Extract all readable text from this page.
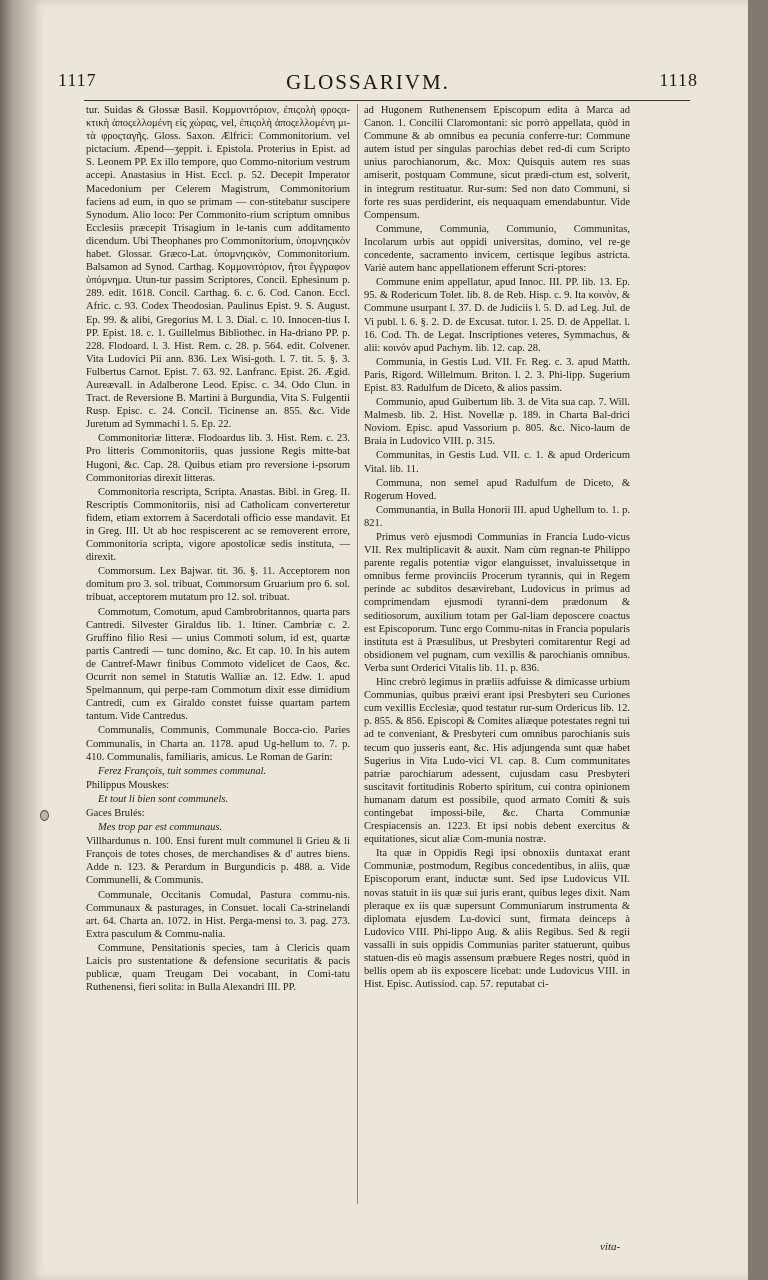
1117	GLOSSARIVM.	1118

tur. Suidas & Glossæ Basil. Κομμονιτόριον, ἐπιςολὴ φροςα-κτικὴ ἀποςελλομένη εἰς χώρας, vel, ἐπιςολὴ ἀποςελλομένη μι-τὰ φροςταγῆς. Gloss. Saxon. Ælfrici: Commonitorium. vel pictacium. Æpend—ʒeppit. i. Epistola. Proterius in Epist. ad S. Leonem PP. Ex illo tempore, quo Commo-nitorium vestrum accepi. Anastasius in Hist. Eccl. p. 52. Decepit Imperator Macedonium per Celerem Magistrum, Commonitorium faciens ad eum, in quo se primam — con-stitebatur suscipere Synodum. Alio loco: Per Commonito-rium scriptum omnibus Ecclesiis præcepit Trisagium in le-tanis cum additamento dicendum. Ubi Theophanes pro Commonitorium, ὑπομνηςικὸν habet. Glossar. Græco-Lat. ὑπομνηςικὸν, Commonitorium. Balsamon ad Synod. Carthag. Κομμονιτόριον, ἤτοι ἔγγραφον ὑπόμνημα. Utun-tur passim Scriptores, Concil. Ephesinum p. 289. edit. 1618. Concil. Carthag. 6. c. 6. Cod. Canon. Eccl. Afric. c. 93. Codex Theodosian. Paulinus Epist. 9. S. August. Ep. 99. & alibi, Gregorius M. l. 3. Dial. c. 10. Innocen-tius I. PP. Epist. 18. c. 1. Guillelmus Bibliothec. in Ha-driano PP. p. 228. Flodoard. l. 3. Hist. Rem. c. 28. p. 564. edit. Colvener. Vita Ludovici Pii ann. 836. Lex Wisi-goth. l. 7. tit. 5. §. 3. Fulbertus Carnot. Epist. 7. 63. 92. Lanfranc. Epist. 26. Ægid. Aureævall. in Adalberone Leod. Episc. c. 34. Odo Clun. in Tract. de Reversione B. Martini à Burgundia, Vita S. Fulgentii Rusp. Episc. c. 24. Concil. Ticinense an. 855. &c. Vide Juretum ad Symmachi l. 5. Ep. 22.

Commonitoriæ litteræ. Flodoardus lib. 3. Hist. Rem. c. 23. Pro litteris Commonitoriis, quas jussione Regis mitte-bat Hugoni, &c. Cap. 28. Quibus etiam pro reversione i-psorum Commonitorias direxit litteras.

Commonitoria rescripta, Scripta. Anastas. Bibl. in Greg. II. Rescriptis Commonitoriis, nisi ad Catholicam converteretur fidem, etiam extorrem à Sacerdotali officio esse mandavit. Et in Greg. III. Ut ab hoc respiscerent ac se removerent errore, Commonitoria scripta, vigore apostolicæ sedis instituta, — direxit.

Commorsum. Lex Bajwar. tit. 36. §. 11. Acceptorem non domitum pro 3. sol. tribuat, Commorsum Gruarium pro 6. sol. tribuat, acceptorem mutatum pro 12. sol. tribuat.

Commotum, Comotum, apud Cambrobritannos, quarta pars Cantredi. Silvester Giraldus lib. 1. Itiner. Cambriæ c. 2. Gruffino filio Resi — unius Commoti solum, id est, quartæ partis Cantredi — tunc domino, &c. Et cap. 10. In his autem de Cantref-Mawr finibus Commoto videlicet de Caos, &c. Ocurrit non semel in Statutis Walliæ an. 12. Edw. 1. apud Spelmannum, qui perpe-ram Commotum dixit esse dimidium Cantredi, cum ex Giraldo constet fuisse quartam partem tantum. Vide Cantredus.

Communalis, Communis, Communale Bocca-cio. Paries Communalis, in Charta an. 1178. apud Ug-hellum to. 7. p. 410. Communalis, familiaris, amicus. Le Roman de Garin:

Ferez François, tuit sommes communal.

Philippus Mouskes:

Et tout li bien sont communels.

Gaces Brulés:

Mes trop par est communaus.

Villhardunus n. 100. Ensi furent mult communel li Grieu & li François de totes choses, de merchandises & d' autres biens. Adde n. 123. & Perardum in Burgundicis p. 488. a. Vide Communelli, & Communis.

Communale, Occitanis Comudal, Pastura commu-nis. Communaux & pasturages, in Consuet. locali Ca-strinelandi art. 64. Charta an. 1072. in Hist. Perga-mensi to. 3. pag. 273. Extra pasculum & Commu-nalia.

Commune, Pensitationis species, tam à Clericis quam Laicis pro sustentatione & defensione securitatis & pacis publicæ, quam Treugam Dei vocabant, in Comi-tatu Ruthenensi, fieri solita: in Bulla Alexandri III. PP.

ad Hugonem Ruthenensem Episcopum edita à Marca ad Canon. 1. Concilii Claromontani: sic porrò appellata, quòd in Commune & ab omnibus ea pecunia conferre-tur: Commune autem istud per singulas parochias debet red-di cum Scripto unius parochianorum, &c. Mox: Quisquis autem res suas amiserit, postquam Commune, sicut prædi-ctum est, solverit, in integrum restituatur. Rur-sum: Sed non dato Communi, si forte res suas perdiderint, eis nequaquam emendabuntur. Vide Compensum.

Commune, Communia, Communio, Communitas, Incolarum urbis aut oppidi universitas, domino, vel re-ge concedente, sacramento invicem, certisque legibus astricta. Variè autem hanc appellationem efferunt Scri-ptores:

Commune enim appellatur, apud Innoc. III. PP. lib. 13. Ep. 95. & Rodericum Tolet. lib. 8. de Reb. Hisp. c. 9. Ita κοινὸν, & Commune usurpant l. 37. D. de Judiciis l. 5. D. ad Leg. Jul. de Vi publ. l. 6. §. 2. D. de Excusat. tutor. l. 25. D. de Appellat. l. 16. Cod. Th. de Legat. Inscriptiones veteres, Symmachus, & alii: κοινόν apud Pachym. lib. 12. cap. 28.

Communia, in Gestis Lud. VII. Fr. Reg. c. 3. apud Matth. Paris, Rigord. Willelmum. Briton. l. 2. 3. Phi-lipp. Sugerium Epist. 83. Radulfum de Diceto, & alios passim.

Communio, apud Guibertum lib. 3. de Vita sua cap. 7. Will. Malmesb. lib. 2. Hist. Novellæ p. 189. in Charta Bal-drici Noviom. Episc. apud Vassorium p. 805. &c. Nico-laum de Braia in Ludovico VIII. p. 315.

Communitas, in Gestis Lud. VII. c. 1. & apud Ordericum Vital. lib. 11.

Communa, non semel apud Radulfum de Diceto, & Rogerum Hoved.

Communantia, in Bulla Honorii III. apud Ughellum to. 1. p. 821.

Primus verò ejusmodi Communias in Francia Ludo-vicus VII. Rex multiplicavit & auxit. Nam cùm regnan-te Philippo parente regalis potentiæ vigor elanguisset, invaluissetque in omnibus ferme provinciis Procerum tyrannis, qui in Regem perinde ac subditos desævirebant, Ludovicus in primus ad comprimendam ejusmodi tyranni-dem prædonum & seditiosorum, auxilium totam per Gal-liam deposcere coactus est Episcoporum. Tunc ergo Commu-nitas in Francia popularis instituta est à Præsulibus, ut Presbyteri comitarentur Regi ad obsidionem vel pugnam, cum vexillis & parochianis omnibus. Verba sunt Orderici Vitalis lib. 11. p. 836.

Hinc crebrò legimus in præliis adfuisse & dimicasse urbium Communias, quibus præivi erant ipsi Presbyteri seu Curiones cum vexillis Ecclesiæ, quod testatur rur-sum Ordericus lib. 12. p. 855. & 856. Episcopi & Comites aliæque potestates regni tui ad te conveniant, & Presbyteri cum omnibus parochianis suis tecum quo jusseris eant, &c. His adjungenda sunt quæ habet Sugerius in Vita Ludo-vici VI. cap. 8. Cum communitates patriæ parochiarum adessent, cujusdam casu Presbyteri suscitavit fortitudinis Roberto spiritum, cui contra opinionem humanam datum est possibile, quod armato Comiti & suis contingebat impossi-bile, &c. Charta Communiæ Crespiacensis an. 1223. Et ipsi nobis debent exercitus & equitationes, sicut aliæ Com-munia nostræ.

Ita quæ in Oppidis Regi ipsi obnoxiis duntaxat erant Communiæ, postmodum, Regibus concedentibus, in aliis, quæ Episcoporum erant, inductæ sunt. Sed ipse Ludovicus VII. novas statuit in iis quæ sui juris erant, quibus leges dixit. Nam pleraque ex iis quæ supersunt Communiarum instrumenta & diplomata ejusdem Lu-dovici sunt, firmata deinceps à Ludovico VIII. Phi-lippo Aug. & aliis Regibus. Sed & regii vassalli in suis oppidis Communias pariter statuerunt, quibus statuen-dis eò magis assensum præbuere Reges nostri, quòd in bellis opem ab iis exposcere licebat: unde Ludovicus VIII. in Hist. Episc. Autissiod. cap. 57. reputabat ci-

vita-
